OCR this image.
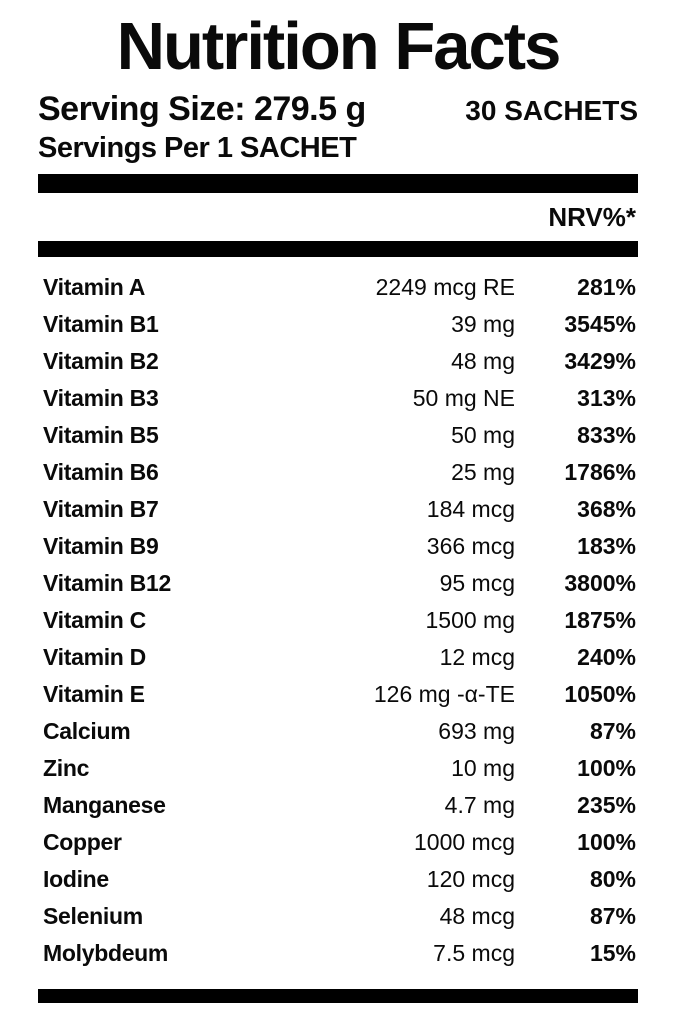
Nutrition Facts
Serving Size: 279.5 g	30 SACHETS
Servings Per 1 SACHET
NRV%*
Vitamin A	2249 mcg RE	281%
Vitamin B1	39 mg	3545%
Vitamin B2	48 mg	3429%
Vitamin B3	50 mg NE	313%
Vitamin B5	50 mg	833%
Vitamin B6	25 mg	1786%
Vitamin B7	184 mcg	368%
Vitamin B9	366 mcg	183%
Vitamin B12	95 mcg	3800%
Vitamin C	1500 mg	1875%
Vitamin D	12 mcg	240%
Vitamin E	126 mg -α-TE	1050%
Calcium	693 mg	87%
Zinc	10 mg	100%
Manganese	4.7 mg	235%
Copper	1000 mcg	100%
Iodine	120 mcg	80%
Selenium	48 mcg	87%
Molybdeum	7.5 mcg	15%
